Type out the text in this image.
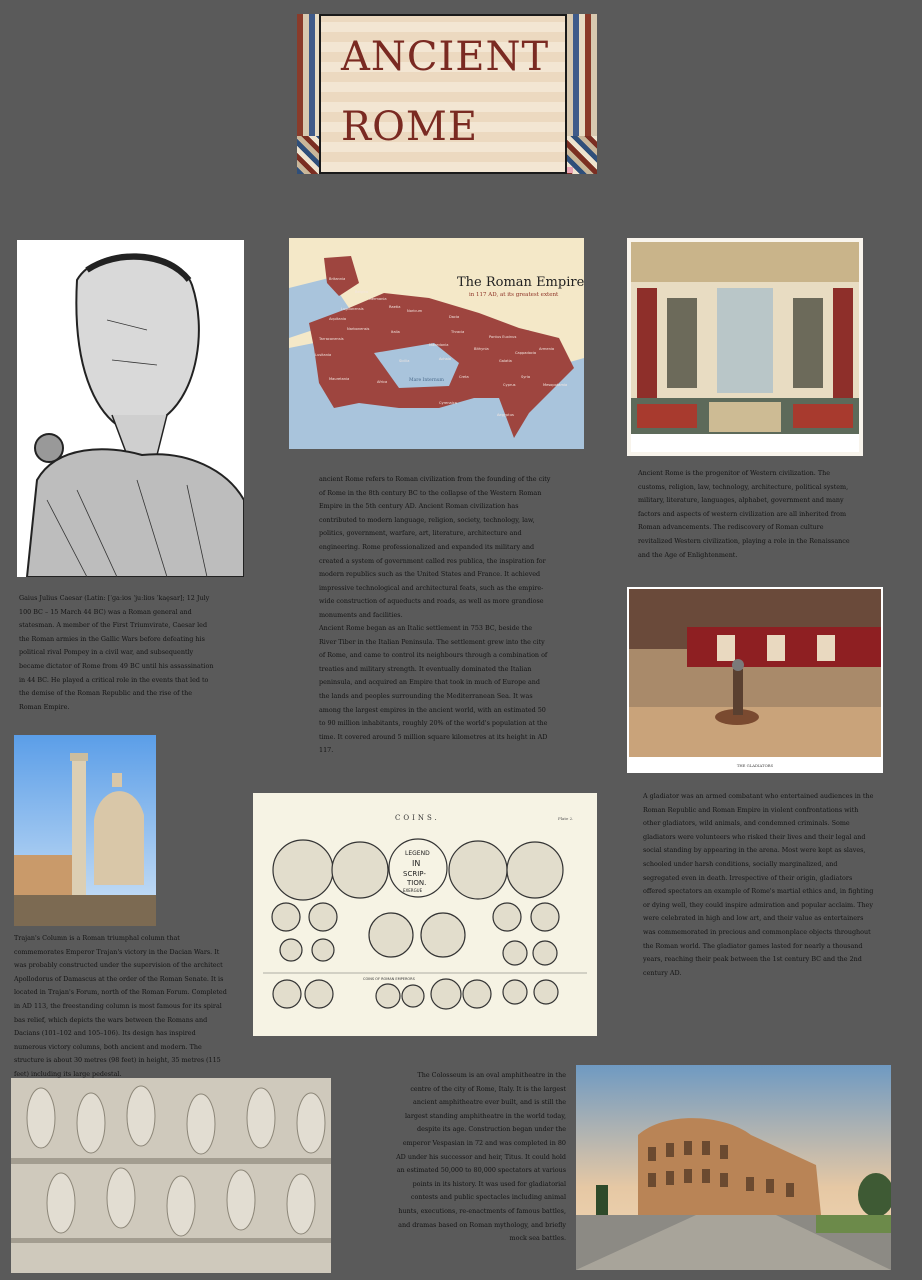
ANCIENT
ROME
The Roman Empire
in 117 AD, at its greatest extent
Britannia
Belgica
Germania
Lugdunensis	Raetia
Noricum
Aquitania	Dacia
Narbonensis
Italia	Thracia
Pontus Euxinus
Tarraconensis
Macedonia
Bithynia	Armenia
Lusitania
Sicilia	Achaia	Galatia
Cappadocia
Mauretania
Africa
Creta	Syria
Mesopotamia
Cyrenaica
Aegyptus
Cyprus
Mare Internum
Gaius Julius Caesar (Latin: [ˈɡaːiʊs ˈjuːliʊs ˈkae̯sar]; 12 July 100 BC – 15 March 44 BC) was a Roman general and statesman. A member of the First Triumvirate, Caesar led the Roman armies in the Gallic Wars before defeating his political rival Pompey in a civil war, and subsequently became dictator of Rome from 49 BC until his assassination in 44 BC. He played a critical role in the events that led to the demise of the Roman Republic and the rise of the Roman Empire.
ancient Rome refers to Roman civilization from the founding of the city of Rome in the 8th century BC to the collapse of the Western Roman Empire in the 5th century AD. Ancient Roman civilization has contributed to modern language, religion, society, technology, law, politics, government, warfare, art, literature, architecture and engineering. Rome professionalized and expanded its military and created a system of government called res publica, the inspiration for modern republics such as the United States and France. It achieved impressive technological and architectural feats, such as the empire-wide construction of aqueducts and roads, as well as more grandiose monuments and facilities.
Ancient Rome began as an Italic settlement in 753 BC, beside the River Tiber in the Italian Peninsula. The settlement grew into the city of Rome, and came to control its neighbours through a combination of treaties and military strength. It eventually dominated the Italian peninsula, and acquired an Empire that took in much of Europe and the lands and peoples surrounding the Mediterranean Sea. It was among the largest empires in the ancient world, with an estimated 50 to 90 million inhabitants, roughly 20% of the world's population at the time. It covered around 5 million square kilometres at its height in AD 117.
Ancient Rome is the progenitor of Western civilization. The customs, religion, law, technology, architecture, political system, military, literature, languages, alphabet, government and many factors and aspects of western civilization are all inherited from Roman advancements. The rediscovery of Roman culture revitalized Western civilization, playing a role in the Renaissance and the Age of Enlightenment.
THE GLADIATORS
A gladiator was an armed combatant who entertained audiences in the Roman Republic and Roman Empire in violent confrontations with other gladiators, wild animals, and condemned criminals. Some gladiators were volunteers who risked their lives and their legal and social standing by appearing in the arena. Most were kept as slaves, schooled under harsh conditions, socially marginalized, and segregated even in death. Irrespective of their origin, gladiators offered spectators an example of Rome's martial ethics and, in fighting or dying well, they could inspire admiration and popular acclaim. They were celebrated in high and low art, and their value as entertainers was commemorated in precious and commonplace objects throughout the Roman world. The gladiator games lasted for nearly a thousand years, reaching their peak between the 1st century BC and the 2nd century AD.
Trajan's Column is a Roman triumphal column that commemorates Emperor Trajan's victory in the Dacian Wars. It was probably constructed under the supervision of the architect Apollodorus of Damascus at the order of the Roman Senate. It is located in Trajan's Forum, north of the Roman Forum. Completed in AD 113, the freestanding column is most famous for its spiral bas relief, which depicts the wars between the Romans and Dacians (101–102 and 105–106). Its design has inspired numerous victory columns, both ancient and modern. The structure is about 30 metres (98 feet) in height, 35 metres (115 feet) including its large pedestal.
COINS.	Plate 2.
LEGEND
IN
SCRIP-
TION.
EXERGUE
COINS OF ROMAN EMPERORS
The Colosseum is an oval amphitheatre in the centre of the city of Rome, Italy. It is the largest ancient amphitheatre ever built, and is still the largest standing amphitheatre in the world today, despite its age. Construction began under the emperor Vespasian in 72 and was completed in 80 AD under his successor and heir, Titus. It could hold an estimated 50,000 to 80,000 spectators at various points in its history. It was used for gladiatorial contests and public spectacles including animal hunts, executions, re-enactments of famous battles, and dramas based on Roman mythology, and briefly mock sea battles.
